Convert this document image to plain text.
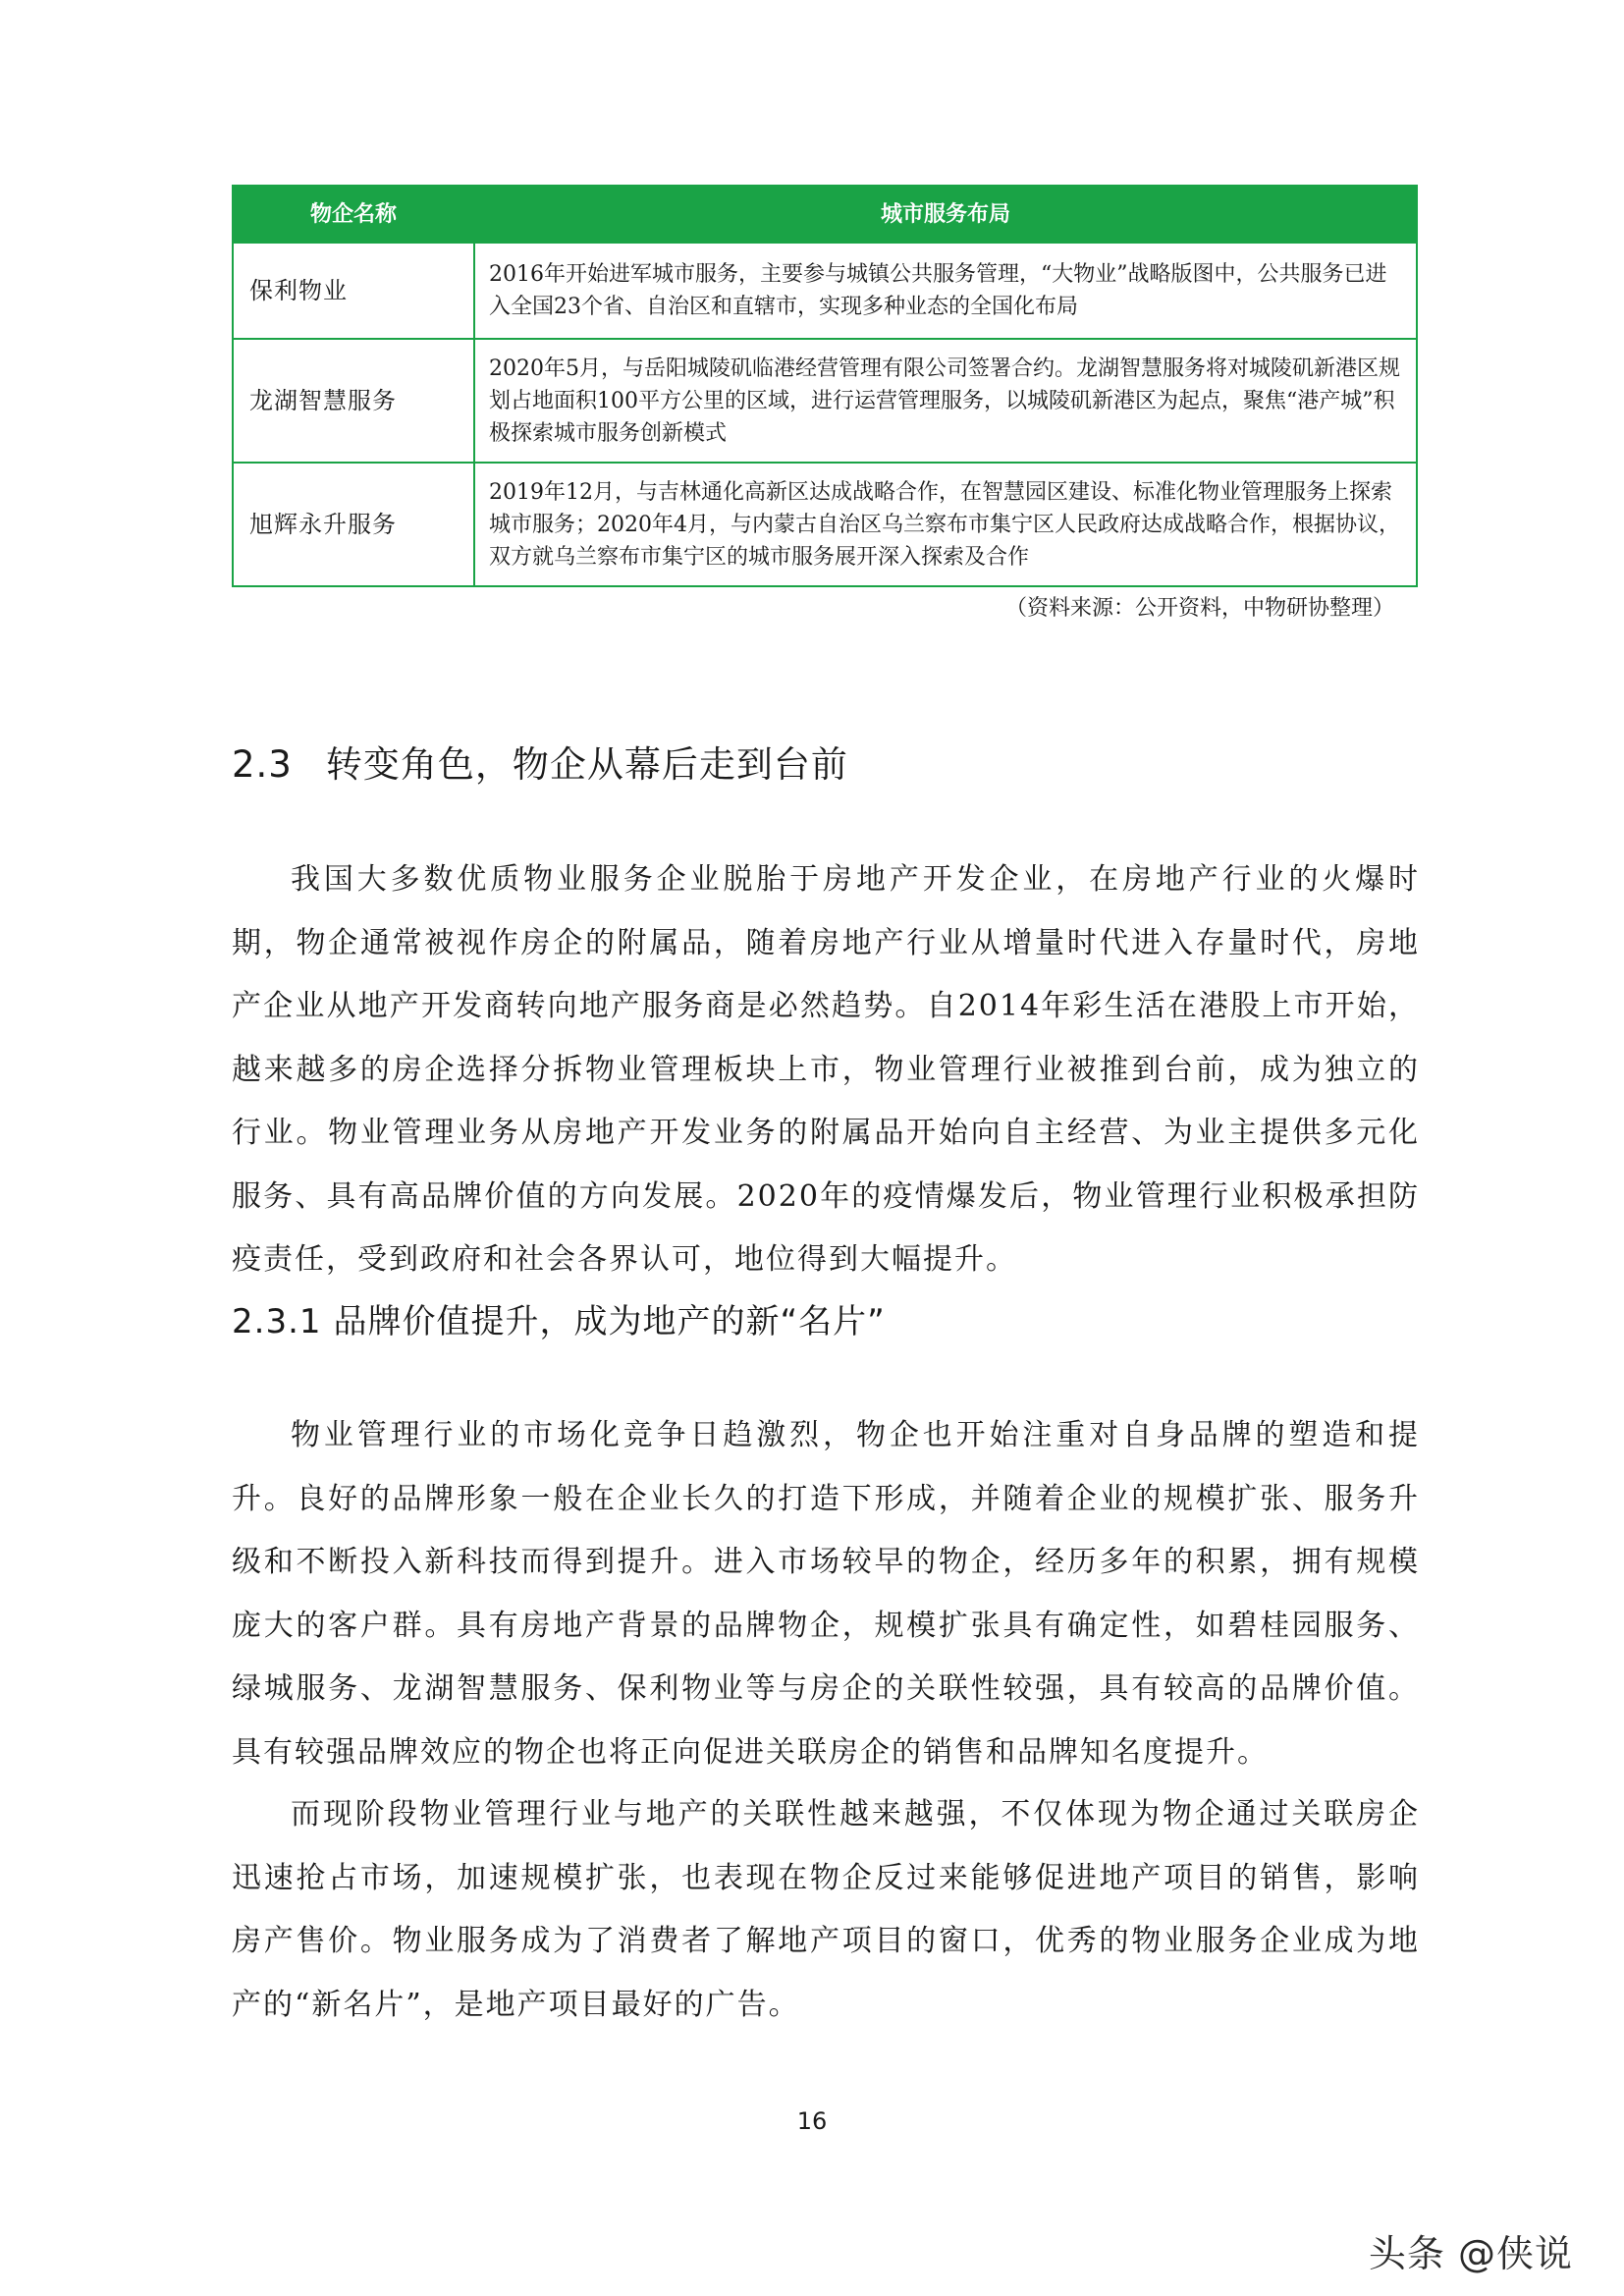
物企名称	城市服务布局
保利物业	2016年开始进军城市服务，主要参与城镇公共服务管理，“大物业”战略版图中，公共服务已进入全国23个省、自治区和直辖市，实现多种业态的全国化布局
龙湖智慧服务	2020年5月，与岳阳城陵矶临港经营管理有限公司签署合约。龙湖智慧服务将对城陵矶新港区规划占地面积100平方公里的区域，进行运营管理服务，以城陵矶新港区为起点，聚焦“港产城”积极探索城市服务创新模式
旭辉永升服务	2019年12月，与吉林通化高新区达成战略合作，在智慧园区建设、标准化物业管理服务上探索城市服务；2020年4月，与内蒙古自治区乌兰察布市集宁区人民政府达成战略合作，根据协议，双方就乌兰察布市集宁区的城市服务展开深入探索及合作
（资料来源：公开资料，中物研协整理）
2.3 转变角色，物企从幕后走到台前

我国大多数优质物业服务企业脱胎于房地产开发企业，在房地产行业的火爆时期，物企通常被视作房企的附属品，随着房地产行业从增量时代进入存量时代，房地产企业从地产开发商转向地产服务商是必然趋势。自2014年彩生活在港股上市开始，越来越多的房企选择分拆物业管理板块上市，物业管理行业被推到台前，成为独立的行业。物业管理业务从房地产开发业务的附属品开始向自主经营、为业主提供多元化服务、具有高品牌价值的方向发展。2020年的疫情爆发后，物业管理行业积极承担防疫责任，受到政府和社会各界认可，地位得到大幅提升。

2.3.1 品牌价值提升，成为地产的新“名片”

物业管理行业的市场化竞争日趋激烈，物企也开始注重对自身品牌的塑造和提升。良好的品牌形象一般在企业长久的打造下形成，并随着企业的规模扩张、服务升级和不断投入新科技而得到提升。进入市场较早的物企，经历多年的积累，拥有规模庞大的客户群。具有房地产背景的品牌物企，规模扩张具有确定性，如碧桂园服务、绿城服务、龙湖智慧服务、保利物业等与房企的关联性较强，具有较高的品牌价值。具有较强品牌效应的物企也将正向促进关联房企的销售和品牌知名度提升。

而现阶段物业管理行业与地产的关联性越来越强，不仅体现为物企通过关联房企迅速抢占市场，加速规模扩张，也表现在物企反过来能够促进地产项目的销售，影响房产售价。物业服务成为了消费者了解地产项目的窗口，优秀的物业服务企业成为地产的“新名片”，是地产项目最好的广告。

16
头条 @侠说
